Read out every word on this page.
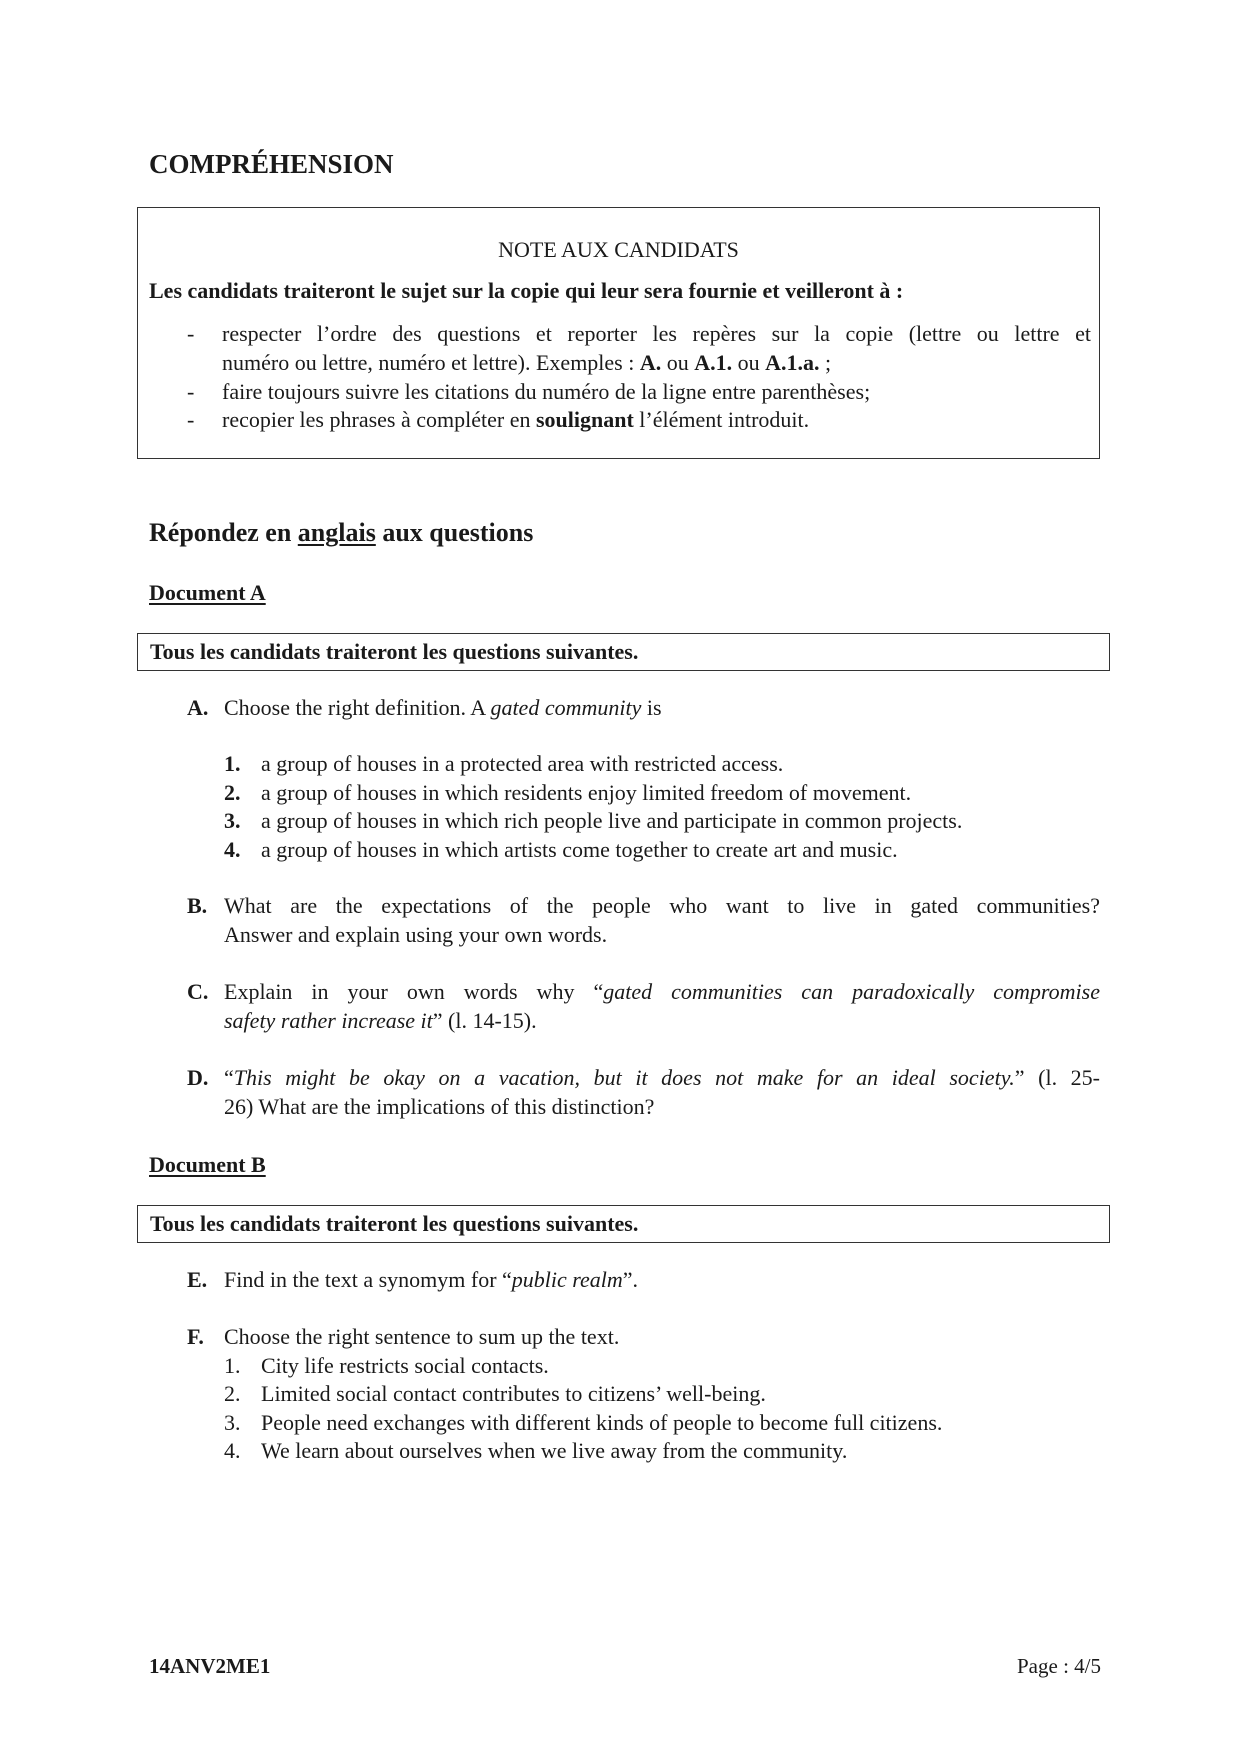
COMPRÉHENSION
NOTE AUX CANDIDATS
Les candidats traiteront le sujet sur la copie qui leur sera fournie et veilleront à :
- respecter l’ordre des questions et reporter les repères sur la copie (lettre ou lettre et
numéro ou lettre, numéro et lettre). Exemples : A. ou A.1. ou A.1.a. ;
- faire toujours suivre les citations du numéro de la ligne entre parenthèses;
- recopier les phrases à compléter en soulignant l’élément introduit.
Répondez en anglais aux questions
Document A
Tous les candidats traiteront les questions suivantes.
A. Choose the right definition. A gated community is
1. a group of houses in a protected area with restricted access.
2. a group of houses in which residents enjoy limited freedom of movement.
3. a group of houses in which rich people live and participate in common projects.
4. a group of houses in which artists come together to create art and music.
B. What are the expectations of the people who want to live in gated communities?
Answer and explain using your own words.
C. Explain in your own words why “gated communities can paradoxically compromise
safety rather increase it” (l. 14-15).
D. “This might be okay on a vacation, but it does not make for an ideal society.” (l. 25-
26) What are the implications of this distinction?
Document B
Tous les candidats traiteront les questions suivantes.
E. Find in the text a synomym for “public realm”.
F. Choose the right sentence to sum up the text.
1. City life restricts social contacts.
2. Limited social contact contributes to citizens’ well-being.
3. People need exchanges with different kinds of people to become full citizens.
4. We learn about ourselves when we live away from the community.
14ANV2ME1	Page : 4/5
